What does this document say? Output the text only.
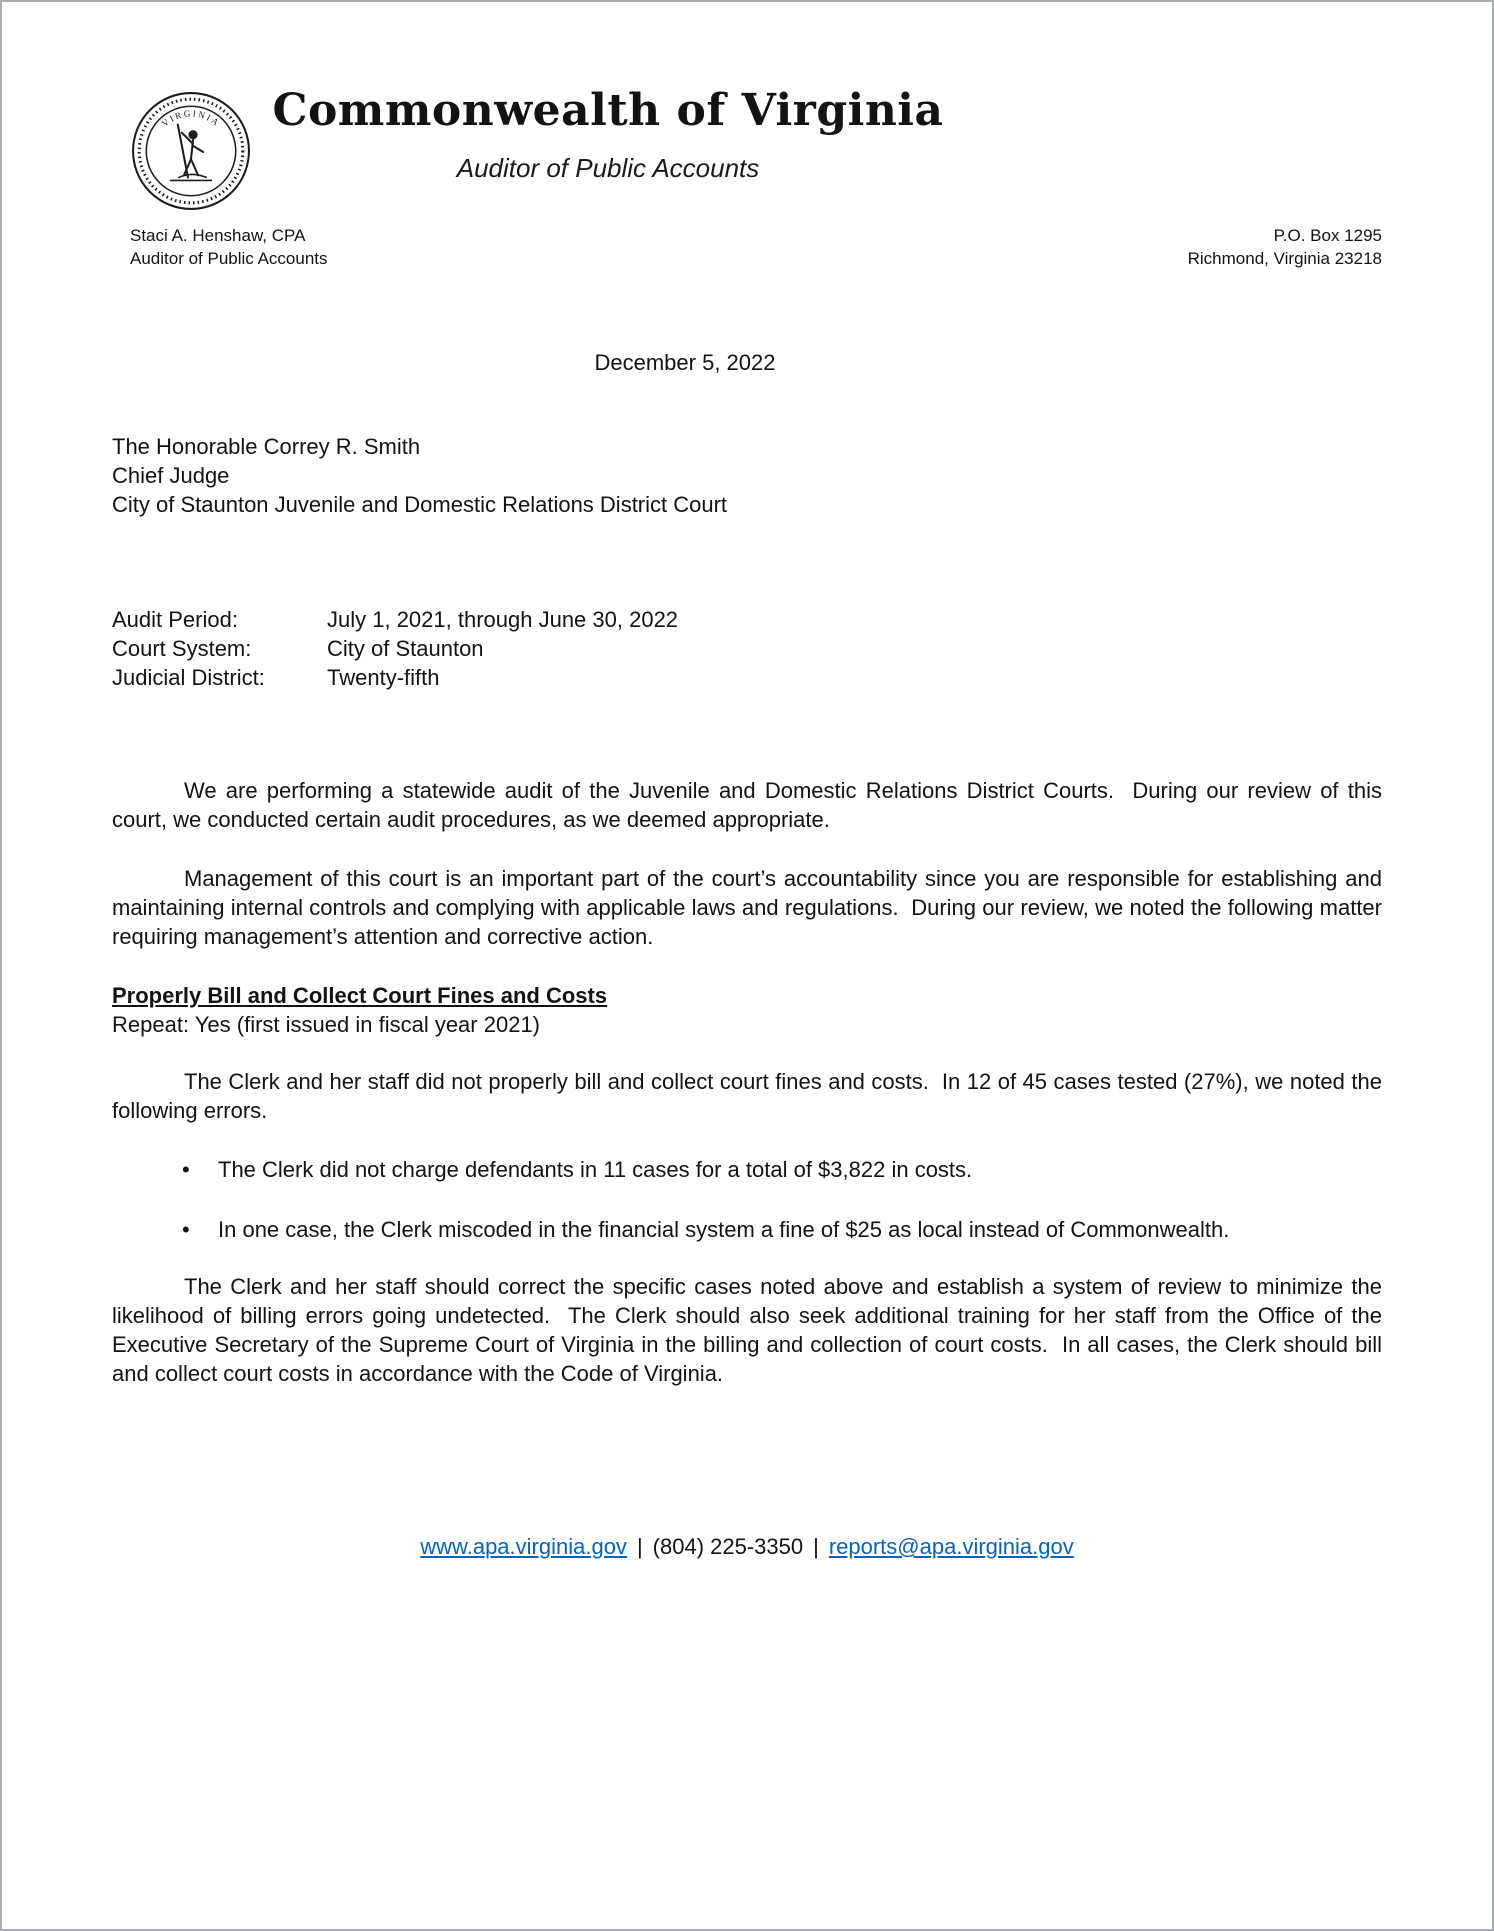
VIRGINIA	Commonwealth of Virginia
Auditor of Public Accounts
Staci A. Henshaw, CPA
Auditor of Public Accounts
P.O. Box 1295
Richmond, Virginia 23218
December 5, 2022
The Honorable Correy R. Smith
Chief Judge
City of Staunton Juvenile and Domestic Relations District Court
Audit Period:	July 1, 2021, through June 30, 2022
Court System:	City of Staunton
Judicial District:	Twenty-fifth

We are performing a statewide audit of the Juvenile and Domestic Relations District Courts.  During our review of this court, we conducted certain audit procedures, as we deemed appropriate.

Management of this court is an important part of the court’s accountability since you are responsible for establishing and maintaining internal controls and complying with applicable laws and regulations.  During our review, we noted the following matter requiring management’s attention and corrective action.

Properly Bill and Collect Court Fines and Costs
Repeat: Yes (first issued in fiscal year 2021)

The Clerk and her staff did not properly bill and collect court fines and costs.  In 12 of 45 cases tested (27%), we noted the following errors.

• The Clerk did not charge defendants in 11 cases for a total of $3,822 in costs.
• In one case, the Clerk miscoded in the financial system a fine of $25 as local instead of Commonwealth.

The Clerk and her staff should correct the specific cases noted above and establish a system of review to minimize the likelihood of billing errors going undetected.  The Clerk should also seek additional training for her staff from the Office of the Executive Secretary of the Supreme Court of Virginia in the billing and collection of court costs.  In all cases, the Clerk should bill and collect court costs in accordance with the Code of Virginia.

www.apa.virginia.gov | (804) 225-3350 | reports@apa.virginia.gov
